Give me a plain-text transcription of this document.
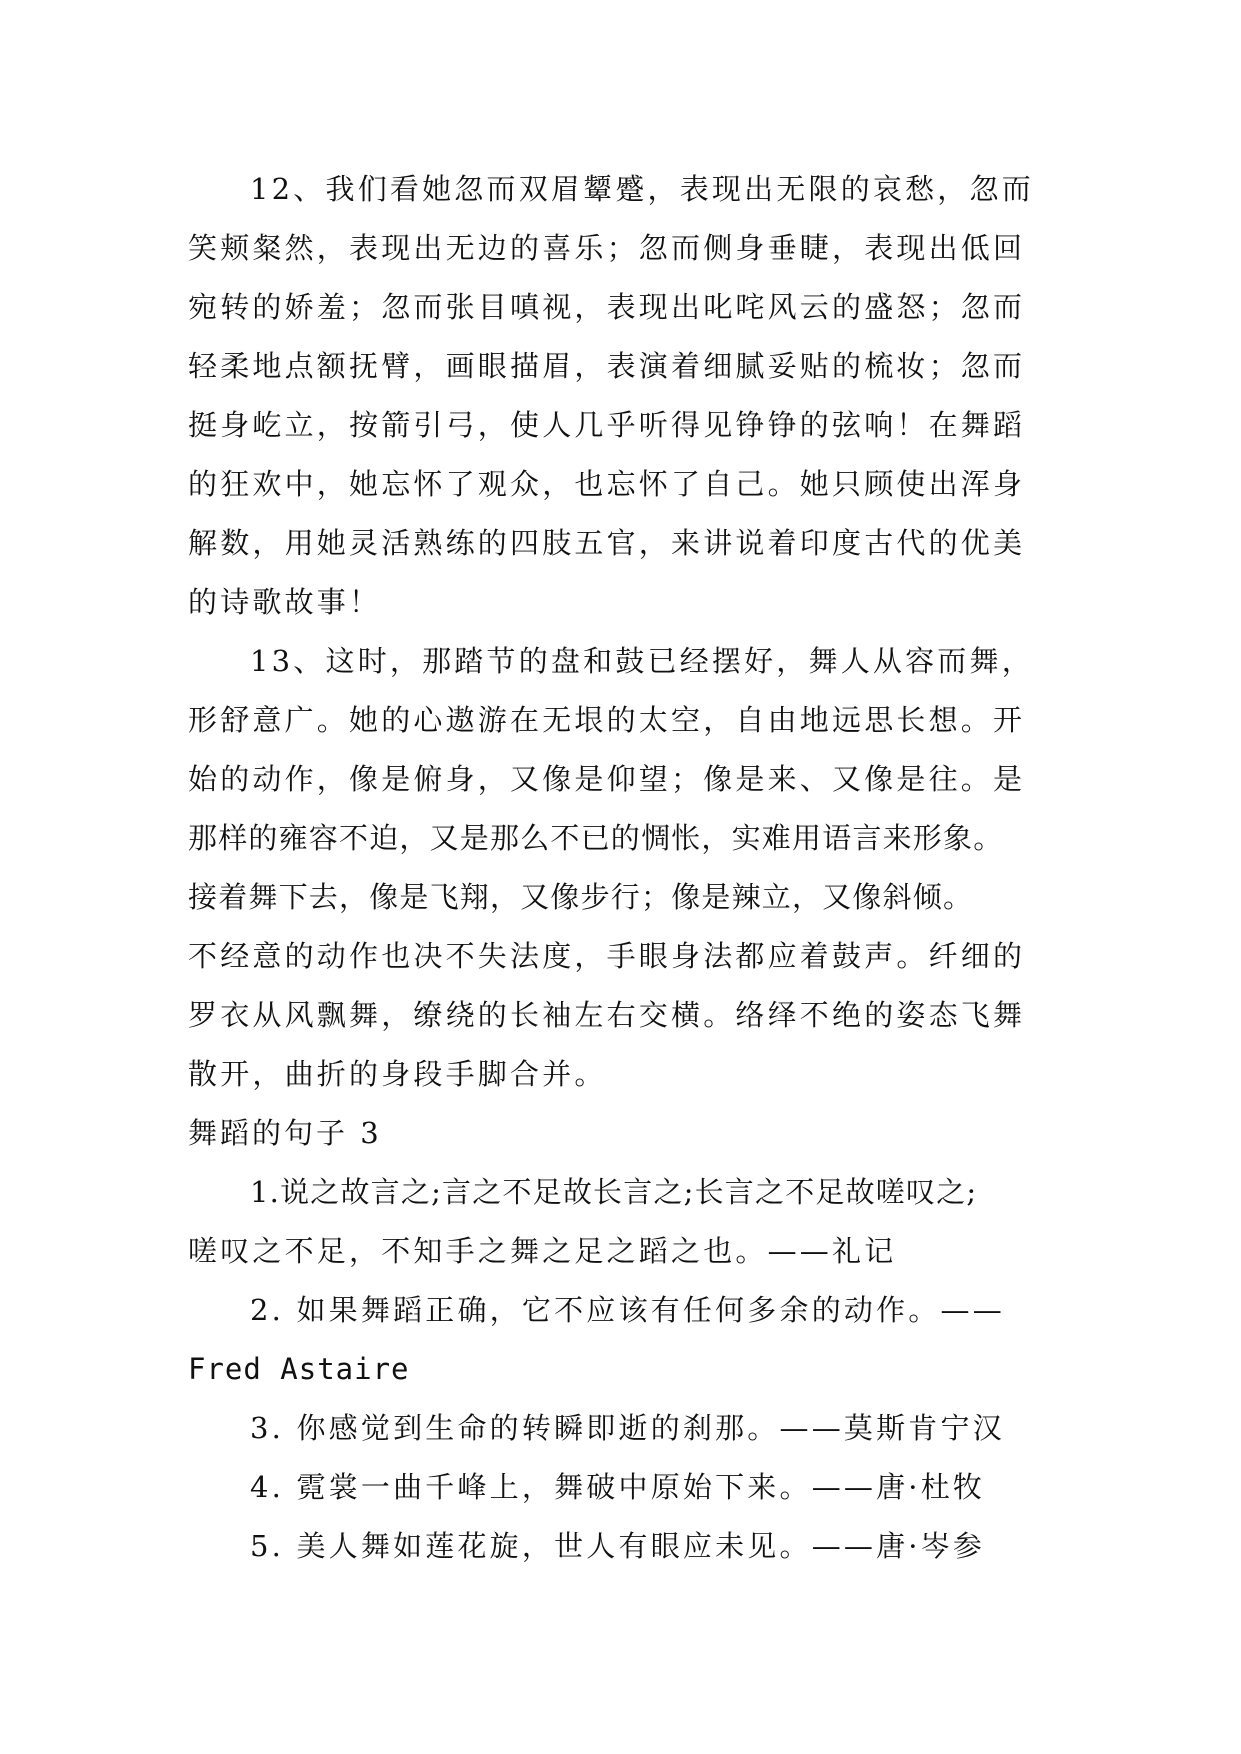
12、我们看她忽而双眉颦蹙，表现出无限的哀愁，忽而
笑颊粲然，表现出无边的喜乐；忽而侧身垂睫，表现出低回
宛转的娇羞；忽而张目嗔视，表现出叱咤风云的盛怒；忽而
轻柔地点额抚臂，画眼描眉，表演着细腻妥贴的梳妆；忽而
挺身屹立，按箭引弓，使人几乎听得见铮铮的弦响！在舞蹈
的狂欢中，她忘怀了观众，也忘怀了自己。她只顾使出浑身
解数，用她灵活熟练的四肢五官，来讲说着印度古代的优美
的诗歌故事！
13、这时，那踏节的盘和鼓已经摆好，舞人从容而舞，
形舒意广。她的心遨游在无垠的太空，自由地远思长想。开
始的动作，像是俯身，又像是仰望；像是来、又像是往。是
那样的雍容不迫，又是那么不已的惆怅，实难用语言来形象。
接着舞下去，像是飞翔，又像步行；像是辣立，又像斜倾。
不经意的动作也决不失法度，手眼身法都应着鼓声。纤细的
罗衣从风飘舞，缭绕的长袖左右交横。络绎不绝的姿态飞舞
散开，曲折的身段手脚合并。
舞蹈的句子 3
1.说之故言之;言之不足故长言之;长言之不足故嗟叹之;
嗟叹之不足，不知手之舞之足之蹈之也。——礼记
2. 如果舞蹈正确，它不应该有任何多余的动作。——
Fred Astaire
3. 你感觉到生命的转瞬即逝的刹那。——莫斯肯宁汉
4. 霓裳一曲千峰上，舞破中原始下来。——唐·杜牧
5. 美人舞如莲花旋，世人有眼应未见。——唐·岑参
